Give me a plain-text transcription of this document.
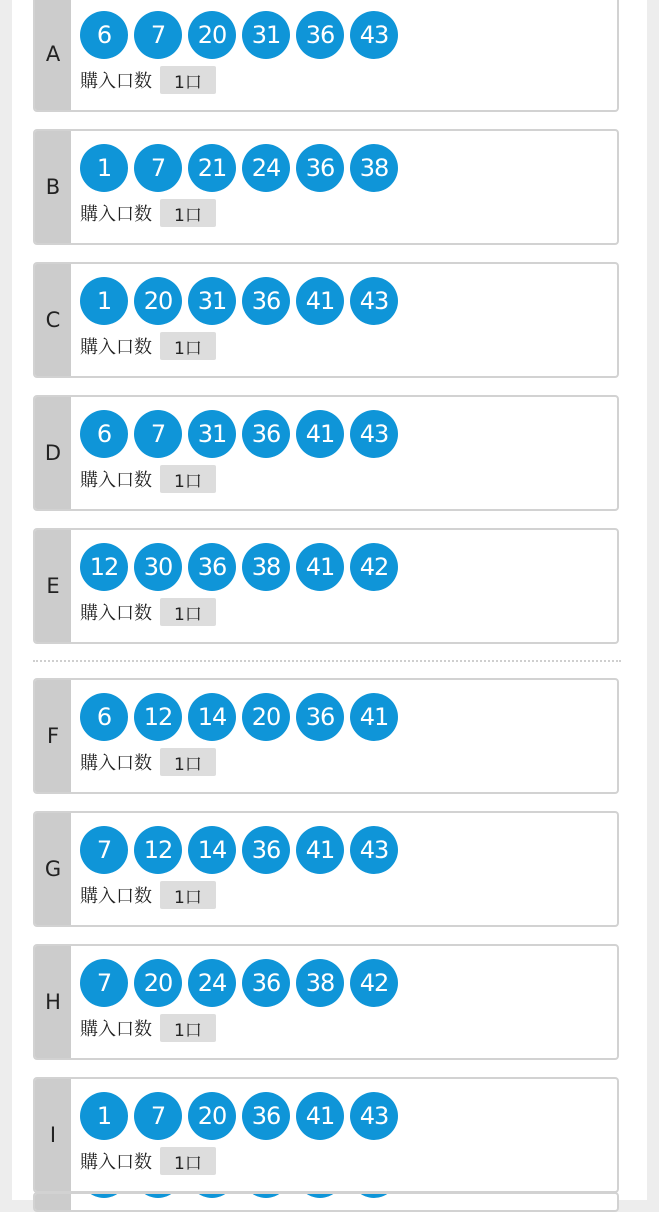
A
6	7	20	31	36	43
購入口数	1口
B
1	7	21	24	36	38
購入口数	1口
C
1	20	31	36	41	43
購入口数	1口
D
6	7	31	36	41	43
購入口数	1口
E
12	30	36	38	41	42
購入口数	1口
F
6	12	14	20	36	41
購入口数	1口
G
7	12	14	36	41	43
購入口数	1口
H
7	20	24	36	38	42
購入口数	1口
I
1	7	20	36	41	43
購入口数	1口
